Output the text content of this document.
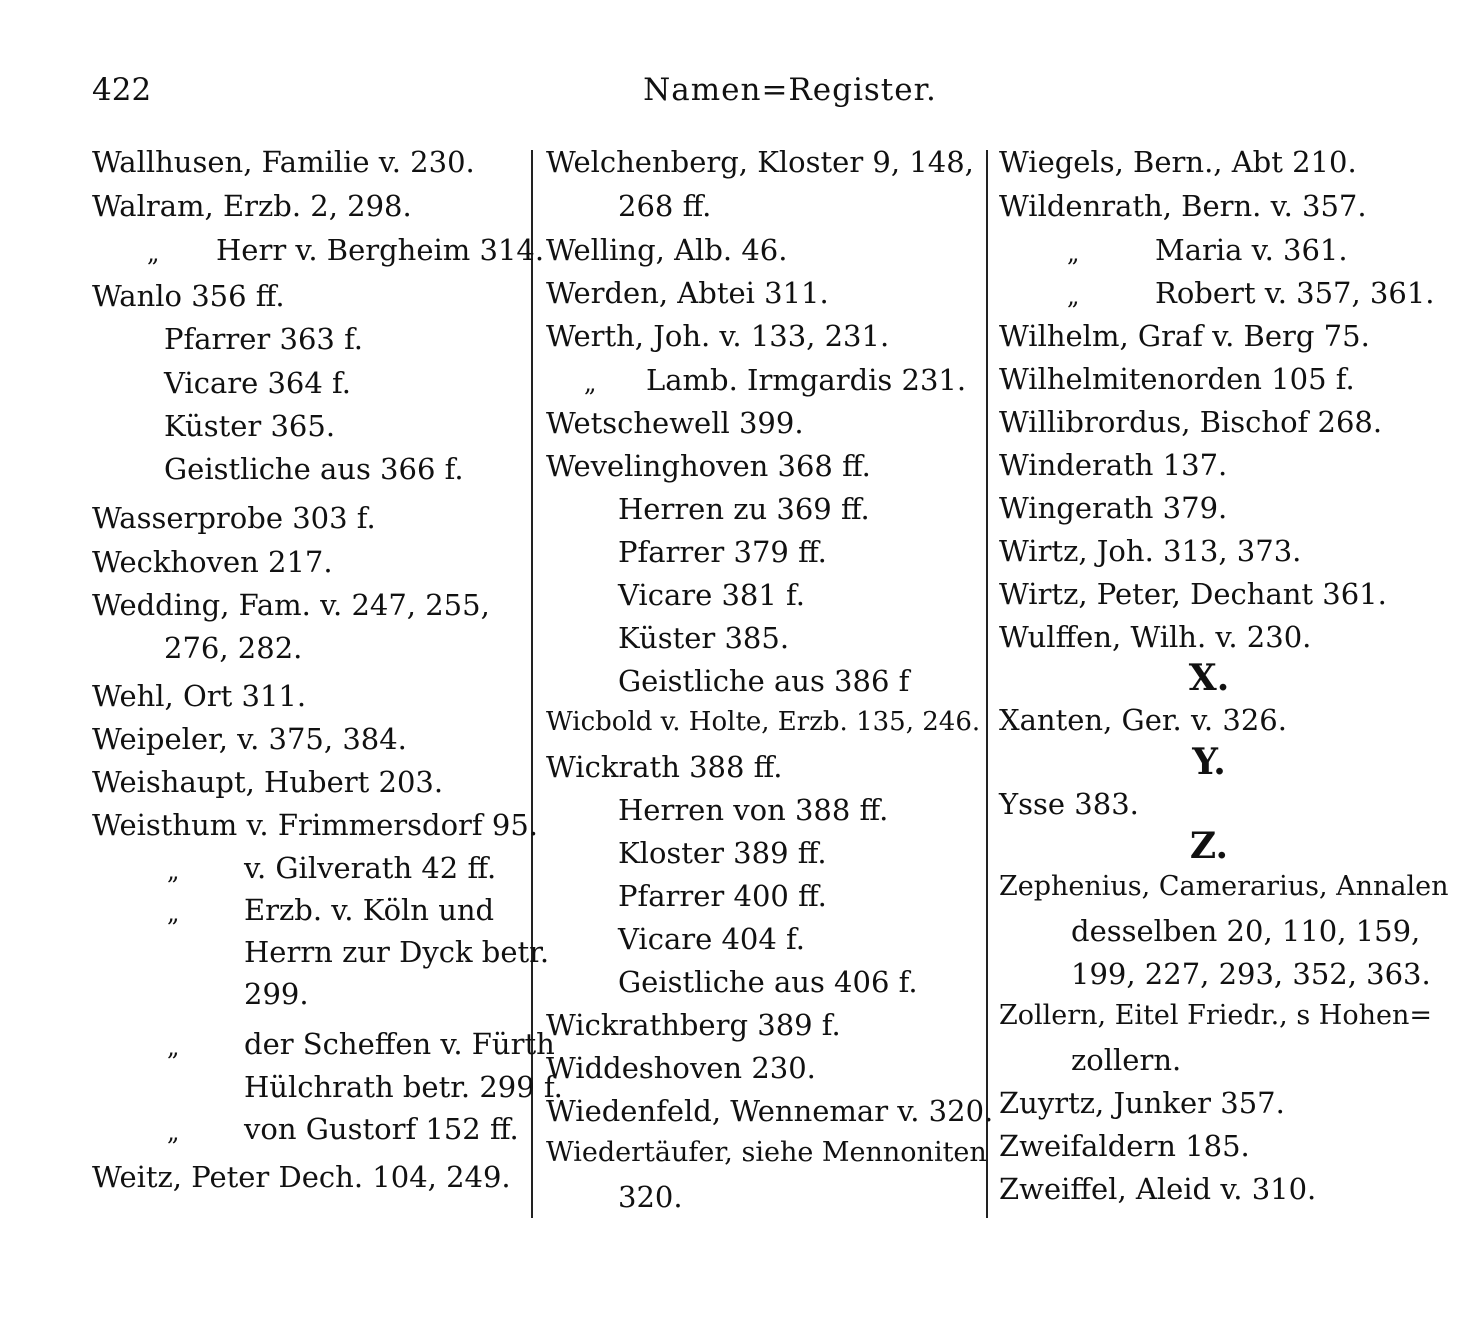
422	Namen=Register.
Wallhusen, Familie v. 230.
Walram, Erzb. 2, 298.
„ Herr v. Bergheim 314.
Wanlo 356 ff.
Pfarrer 363 f.
Vicare 364 f.
Küster 365.
Geistliche aus 366 f.
Wasserprobe 303 f.
Weckhoven 217.
Wedding, Fam. v. 247, 255,
276, 282.
Wehl, Ort 311.
Weipeler, v. 375, 384.
Weishaupt, Hubert 203.
Weisthum v. Frimmersdorf 95.
„ v. Gilverath 42 ff.
„ Erzb. v. Köln und
Herrn zur Dyck betr.
299.
„ der Scheffen v. Fürth
Hülchrath betr. 299 f.
„ von Gustorf 152 ff.
Weitz, Peter Dech. 104, 249.
Welchenberg, Kloster 9, 148,
268 ff.
Welling, Alb. 46.
Werden, Abtei 311.
Werth, Joh. v. 133, 231.
„ Lamb. Irmgardis 231.
Wetschewell 399.
Wevelinghoven 368 ff.
Herren zu 369 ff.
Pfarrer 379 ff.
Vicare 381 f.
Küster 385.
Geistliche aus 386 f
Wicbold v. Holte, Erzb. 135, 246.
Wickrath 388 ff.
Herren von 388 ff.
Kloster 389 ff.
Pfarrer 400 ff.
Vicare 404 f.
Geistliche aus 406 f.
Wickrathberg 389 f.
Widdeshoven 230.
Wiedenfeld, Wennemar v. 320.
Wiedertäufer, siehe Mennoniten
320.
Wiegels, Bern., Abt 210.
Wildenrath, Bern. v. 357.
„	Maria v. 361.
„	Robert v. 357, 361.
Wilhelm, Graf v. Berg 75.
Wilhelmitenorden 105 f.
Willibrordus, Bischof 268.
Winderath 137.
Wingerath 379.
Wirtz, Joh. 313, 373.
Wirtz, Peter, Dechant 361.
Wulffen, Wilh. v. 230.
X.
Xanten, Ger. v. 326.
Y.
Ysse 383.
Z.
Zephenius, Camerarius, Annalen
desselben 20, 110, 159,
199, 227, 293, 352, 363.
Zollern, Eitel Friedr., s Hohen=
zollern.
Zuyrtz, Junker 357.
Zweifaldern 185.
Zweiffel, Aleid v. 310.
